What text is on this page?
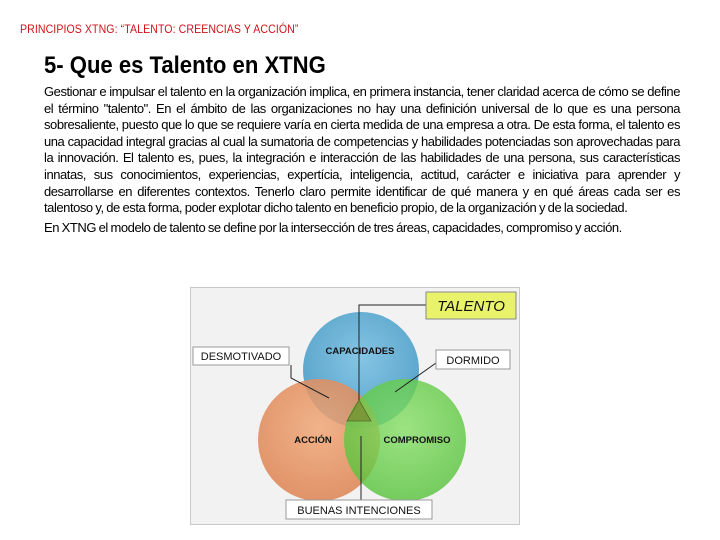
PRINCIPIOS XTNG: “TALENTO: CREENCIAS Y ACCIÓN”
5- Que es Talento en XTNG

Gestionar e impulsar el talento en la organización implica, en primera instancia, tener claridad acerca de cómo se define el término "talento". En el ámbito de las organizaciones no hay una definición universal de lo que es una persona sobresaliente, puesto que lo que se requiere varía en cierta medida de una empresa a otra. De esta forma, el talento es una capacidad integral gracias al cual la sumatoria de competencias y habilidades potenciadas son aprovechadas para la innovación. El talento es, pues, la integración e interacción de las habilidades de una persona, sus características innatas, sus conocimientos, experiencias, expertícia, inteligencia, actitud, carácter e iniciativa para aprender y desarrollarse en diferentes contextos. Tenerlo claro permite identificar de qué manera y en qué áreas cada ser es talentoso y, de esta forma, poder explotar dicho talento en beneficio propio, de la organización y de la sociedad.

En XTNG el modelo de talento se define por la intersección de tres áreas, capacidades, compromiso y acción.

CAPACIDADES
ACCIÓN	COMPROMISO
TALENTO
DESMOTIVADO	DORMIDO
BUENAS INTENCIONES
